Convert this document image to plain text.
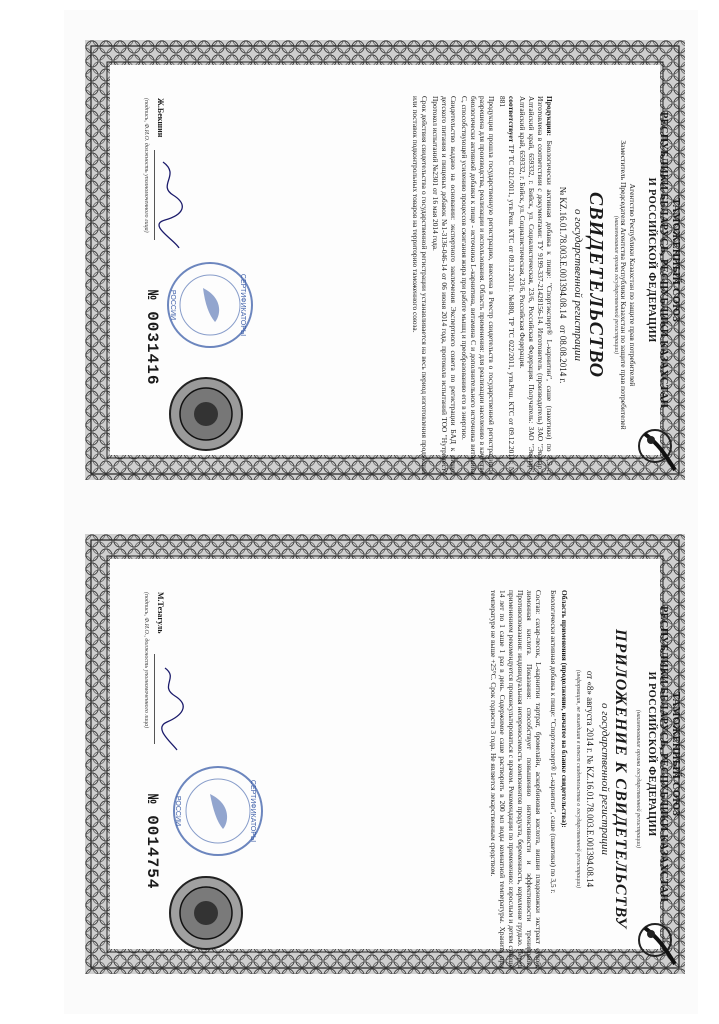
ТАМОЖЕННЫЙ СОЮЗ
РЕСПУБЛИКИ БЕЛАРУСЬ, РЕСПУБЛИКИ КАЗАХСТАН
И РОССИЙСКОЙ ФЕДЕРАЦИИ
Агентство Республики Казахстан по защите прав потребителей
Заместитель Председателя Агентства Республики Казахстан по защите прав потребителей
(наименование органа государственной регистрации)
СВИДЕТЕЛЬСТВО
о государственной регистрации
№ KZ.16.01.78.003.E.001394.08.14   от 08.08.2014 г.
Продукция: Биологически активная добавка к пище: "Спортэксперт® L-карнитин", саше (пакетики) по 3,5 г. Изготовлена в соответствии с документами: ТУ 9199-337-21428156-14. Изготовитель (производитель) ЗАО "Эвалар", Алтайский край, 659332, г. Бийск, ул. Социалистическая, 23/6, Российская Федерация. Получатель: ЗАО "Эвалар", Алтайский край, 659332, г. Бийск, ул. Социалистическая, 23/6, Российская Федерация.
соответствует ТР ТС 021/2011, утв.Реш. КТС от 09.12.2011г. №880, ТР ТС 022/2011, утв.Реш. КТС от 09.12.2011г. № 881
Продукция прошла государственную регистрацию, внесена в Реестр свидетельств о государственной регистрации и разрешена для производства, реализации и использования. Область применения: для реализации населению в качестве биологически активной добавки к пище - источника L-карнитина, витамина С и дополнительного источника витамина С, способствующей усилению процессов сжигания жира при работе мышц и преобразованию его в энергию.
Свидетельство выдано на основании: экспертного заключения Экспертного совета по регистрации БАД к пище, детского питания и пищевых добавок №1-3136-046-14 от 06 июня 2014 года, протокола испытаний ТОО "Нутритест" Протокол испытаний №2301 от 16 мая 2014 года.
Срок действия свидетельства о государственной регистрации устанавливается на весь период изготовления продукции или поставок подконтрольных товаров на территорию таможенного союза.
СЕРТИФИКАТОРЫ
РОССИИ
Ж.Бекшин
(подпись, Ф.И.О. должность уполномоченного лица)
№ 0031416
ТАМОЖЕННЫЙ СОЮЗ
РЕСПУБЛИКИ БЕЛАРУСЬ, РЕСПУБЛИКИ КАЗАХСТАН
И РОССИЙСКОЙ ФЕДЕРАЦИИ
(наименование органа государственной регистрации)
ПРИЛОЖЕНИЕ К СВИДЕТЕЛЬСТВУ
о государственной регистрации
от «8» августа 2014 г. № KZ.16.01.78.003.E.001394.08.14
(информация, не вошедшая в текст свидетельства о государственной регистрации)
Область применения (продолжение, начатое на бланке свидетельства):
Биологически активная добавка к пище: "Спортэксперт® L-карнитин", саше (пакетики) по 3,5 г.
Состав: сахар-песок, L-карнитин тартрат, бромелайн, аскорбиновая кислота, вишни плодоножки экстракт сухой, лимонная кислота. Показания: способствует повышению интенсивности и эффективности тренировок. Противопоказания: индивидуальная непереносимость компонентов продукта, беременность, кормление грудью. Перед применением рекомендуется проконсультироваться с врачом. Рекомендации по применению: взрослым и детям старше 14 лет по 1 саше 1 раз в день. Содержимое саше растворить в 200 мл воды комнатной температуры. Хранить при температуре не выше +25°С. Срок годности 3 года. Не является лекарственным средством.
СЕРТИФИКАТОРЫ
РОССИИ
М.Тезагуль
(подпись, Ф.И.О., должность уполномоченного лица)
№ 0014754
